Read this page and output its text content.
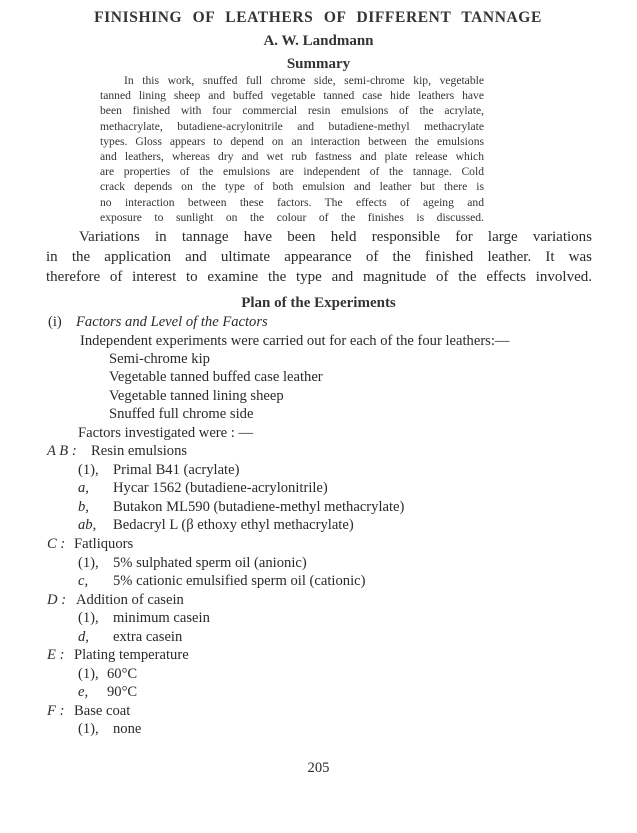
FINISHING OF LEATHERS OF DIFFERENT TANNAGE
A. W. Landmann
Summary
In this work, snuffed full chrome side, semi-chrome kip, vegetable
tanned lining sheep and buffed vegetable tanned case hide leathers have
been finished with four commercial resin emulsions of the acrylate,
methacrylate, butadiene-acrylonitrile and butadiene-methyl methacrylate
types. Gloss appears to depend on an interaction between the emulsions
and leathers, whereas dry and wet rub fastness and plate release which
are properties of the emulsions are independent of the tannage. Cold
crack depends on the type of both emulsion and leather but there is
no interaction between these factors. The effects of ageing and
exposure to sunlight on the colour of the finishes is discussed.
Variations in tannage have been held responsible for large variations
in the application and ultimate appearance of the finished leather. It was
therefore of interest to examine the type and magnitude of the effects involved.
Plan of the Experiments
(i) Factors and Level of the Factors
Independent experiments were carried out for each of the four leathers:—
Semi-chrome kip
Vegetable tanned buffed case leather
Vegetable tanned lining sheep
Snuffed full chrome side
Factors investigated were : —
A B : Resin emulsions
(1), Primal B41 (acrylate)
a, Hycar 1562 (butadiene-acrylonitrile)
b, Butakon ML590 (butadiene-methyl methacrylate)
ab, Bedacryl L (β ethoxy ethyl methacrylate)
C : Fatliquors
(1), 5% sulphated sperm oil (anionic)
c, 5% cationic emulsified sperm oil (cationic)
D : Addition of casein
(1), minimum casein
d, extra casein
E : Plating temperature
(1), 60°C
e, 90°C
F : Base coat
(1), none
205
